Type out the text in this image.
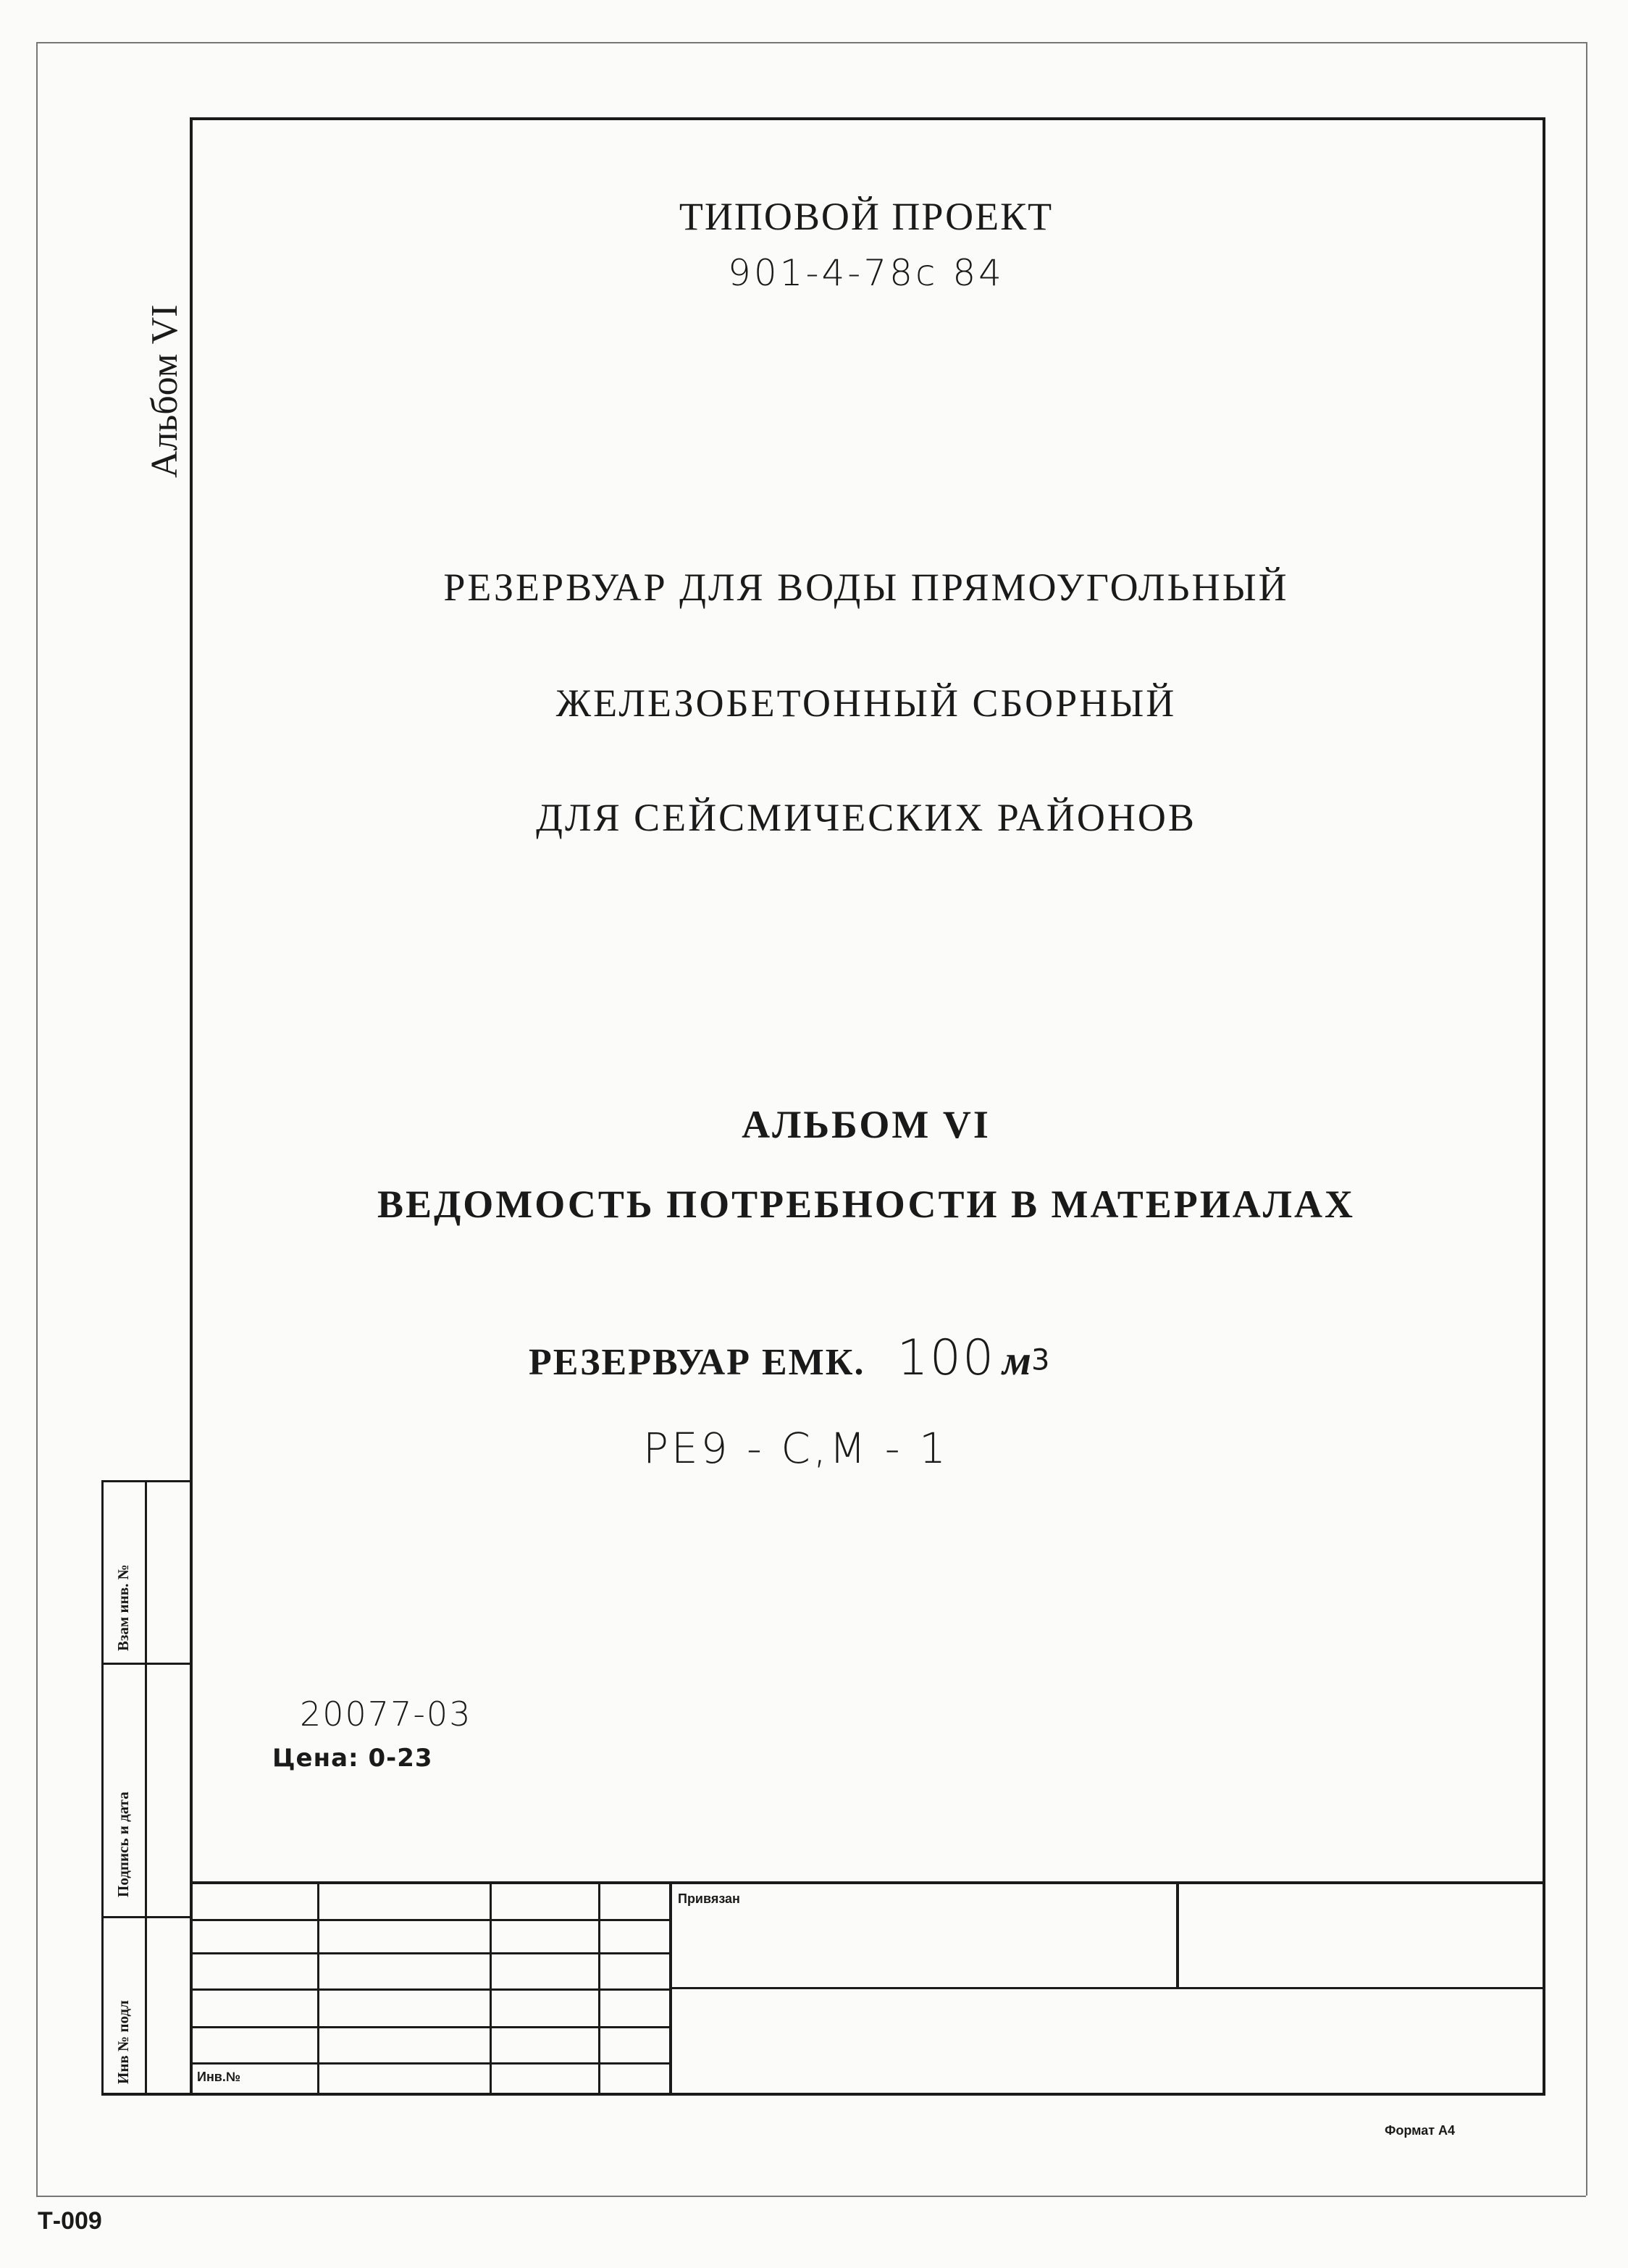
Альбом VI
ТИПОВОЙ ПРОЕКТ
901-4-78с 84
РЕЗЕРВУАР ДЛЯ ВОДЫ ПРЯМОУГОЛЬНЫЙ
ЖЕЛЕЗОБЕТОННЫЙ СБОРНЫЙ
ДЛЯ СЕЙСМИЧЕСКИХ РАЙОНОВ
АЛЬБОМ VI
ВЕДОМОСТЬ ПОТРЕБНОСТИ В МАТЕРИАЛАХ
РЕЗЕРВУАР ЕМК. 100 $м^3$
РЕ9 - С,М - 1
20077-03
Цена: 0-23
Взам инв. №
Подпись и дата
Инв № подл
Привязан
Инв.№
Формат А4
Т-009
